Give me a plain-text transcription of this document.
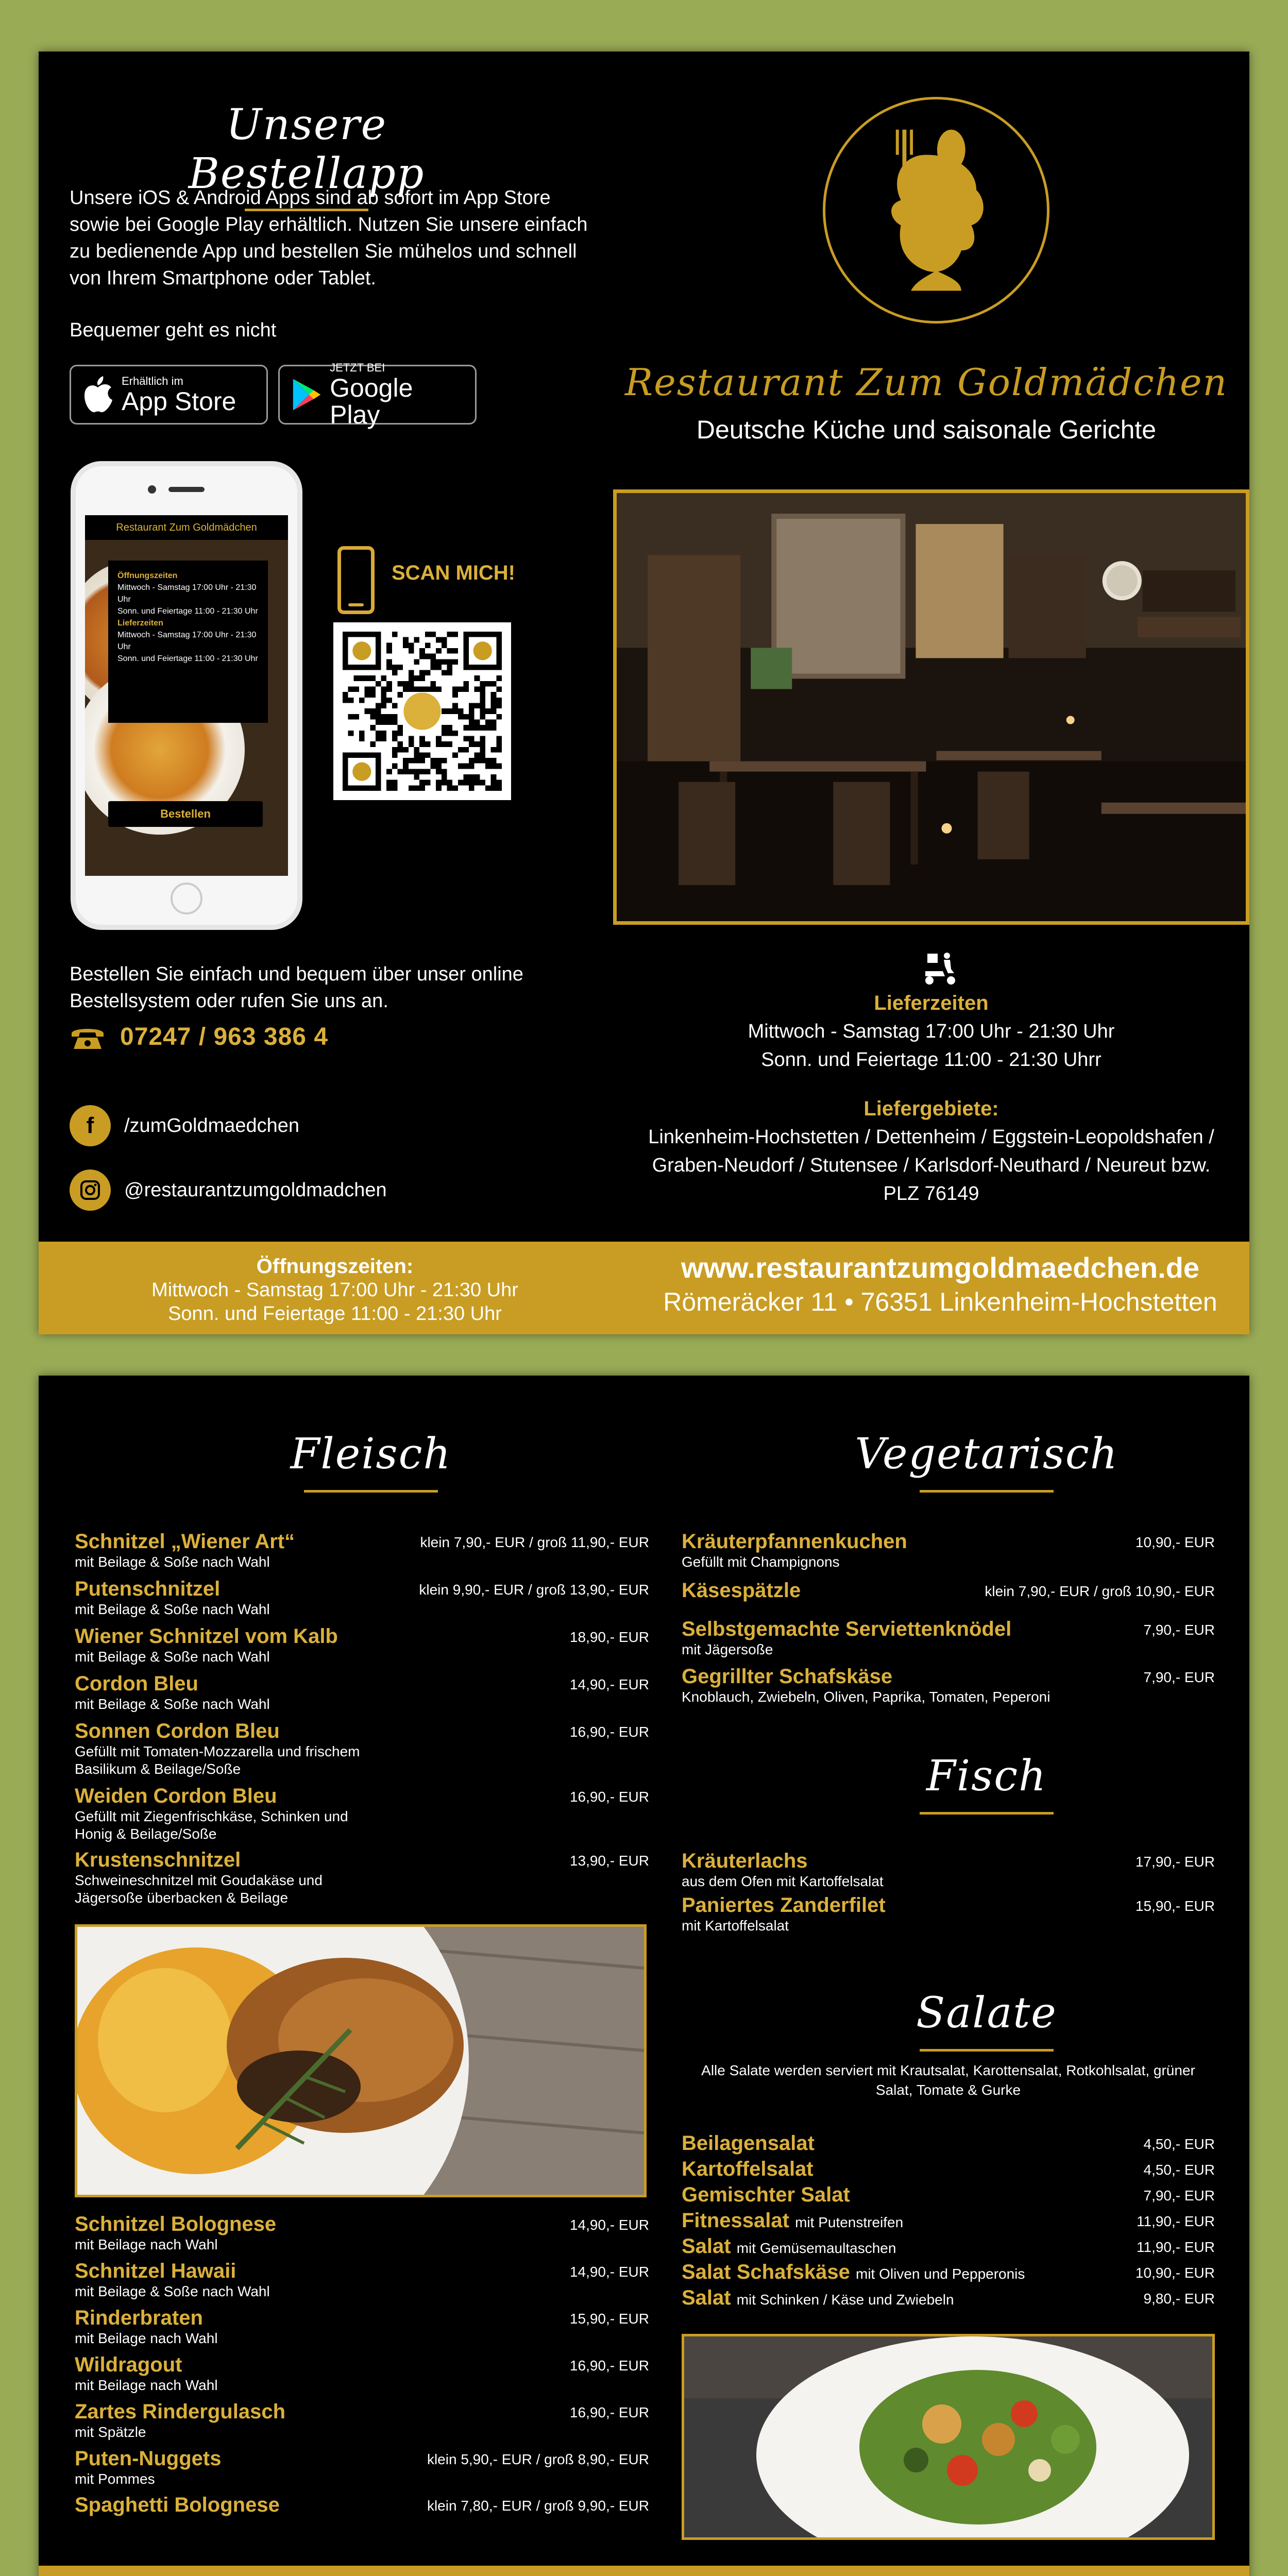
Unsere Bestellapp
Unsere iOS & Android Apps sind ab sofort im App Store sowie bei Google Play erhältlich. Nutzen Sie unsere einfach zu bedienende App und bestellen Sie mühelos und schnell von Ihrem Smartphone oder Tablet.
Bequemer geht es nicht
Erhältlich im
App Store
JETZT BEI
Google Play
Restaurant Zum Goldmädchen
Öffnungszeiten
Mittwoch - Samstag 17:00 Uhr - 21:30 Uhr
Sonn. und Feiertage 11:00 - 21:30 Uhr
Lieferzeiten
Mittwoch - Samstag 17:00 Uhr - 21:30 Uhr
Sonn. und Feiertage 11:00 - 21:30 Uhr
Bestellen
SCAN MICH!
Bestellen Sie einfach und bequem über unser online Bestellsystem oder rufen Sie uns an.
07247 / 963 386 4
f	/zumGoldmaedchen
@restaurantzumgoldmadchen
Restaurant Zum Goldmädchen
Deutsche Küche und saisonale Gerichte
Lieferzeiten
Mittwoch - Samstag 17:00 Uhr - 21:30 Uhr
Sonn. und Feiertage 11:00 - 21:30 Uhrr
Liefergebiete:
Linkenheim-Hochstetten / Dettenheim / Eggstein-Leopoldshafen /
Graben-Neudorf / Stutensee / Karlsdorf-Neuthard / Neureut bzw.
PLZ 76149
Öffnungszeiten:
Mittwoch - Samstag 17:00 Uhr - 21:30 Uhr
Sonn. und Feiertage 11:00 - 21:30 Uhr
www.restaurantzumgoldmaedchen.de
Römeräcker 11 • 76351 Linkenheim-Hochstetten
Fleisch	Vegetarisch
Fisch
Salate
Schnitzel „Wiener Art“
mit Beilage & Soße nach Wahl
klein 7,90,- EUR / groß 11,90,- EUR
Putenschnitzel
mit Beilage & Soße nach Wahl
klein 9,90,- EUR / groß 13,90,- EUR
Wiener Schnitzel vom Kalb
mit Beilage & Soße nach Wahl
18,90,- EUR
Cordon Bleu
mit Beilage & Soße nach Wahl
14,90,- EUR
Sonnen Cordon Bleu
Gefüllt mit Tomaten-Mozzarella und frischem Basilikum & Beilage/Soße
16,90,- EUR
Weiden Cordon Bleu
Gefüllt mit Ziegenfrischkäse, Schinken und Honig & Beilage/Soße
16,90,- EUR
Krustenschnitzel
Schweineschnitzel mit Goudakäse und Jägersoße überbacken & Beilage
13,90,- EUR
Schnitzel Bolognese
mit Beilage nach Wahl
14,90,- EUR
Schnitzel Hawaii
mit Beilage & Soße nach Wahl
14,90,- EUR
Rinderbraten
mit Beilage nach Wahl
15,90,- EUR
Wildragout
mit Beilage nach Wahl
16,90,- EUR
Zartes Rindergulasch
mit Spätzle
16,90,- EUR
Puten-Nuggets
mit Pommes
klein 5,90,- EUR / groß 8,90,- EUR
Spaghetti Bolognese	klein 7,80,- EUR / groß 9,90,- EUR
Kräuterpfannenkuchen
Gefüllt mit Champignons
10,90,- EUR
Käsespätzle	klein 7,90,- EUR / groß 10,90,- EUR
Selbstgemachte Serviettenknödel
mit Jägersoße
7,90,- EUR
Gegrillter Schafskäse
Knoblauch, Zwiebeln, Oliven, Paprika, Tomaten, Peperoni
7,90,- EUR
Kräuterlachs
aus dem Ofen mit Kartoffelsalat
17,90,- EUR
Paniertes Zanderfilet
mit Kartoffelsalat
15,90,- EUR
Alle Salate werden serviert mit Krautsalat, Karottensalat, Rotkohlsalat, grüner Salat, Tomate & Gurke
Beilagensalat	4,50,- EUR
Kartoffelsalat	4,50,- EUR
Gemischter Salat	7,90,- EUR
Fitnessalat mit Putenstreifen	11,90,- EUR
Salat mit Gemüsemaultaschen	11,90,- EUR
Salat Schafskäse mit Oliven und Pepperonis	10,90,- EUR
Salat mit Schinken / Käse und Zwiebeln	9,80,- EUR
